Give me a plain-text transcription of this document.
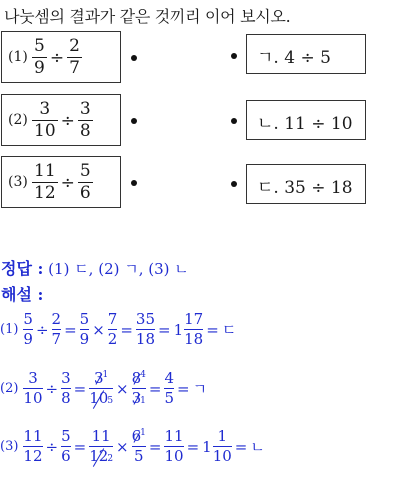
나눗셈의 결과가 같은 것끼리 이어 보시오.
$(1) \frac{5}{9} \div \frac{2}{7}$
$(2) \frac{3}{10} \div \frac{3}{8}$
$(3) \frac{11}{12} \div \frac{5}{6}$
ㄱ. 4 ÷ 5
ㄴ. 11 ÷ 10
ㄷ. 35 ÷ 18
정답 : (1) ㄷ, (2) ㄱ, (3) ㄴ
해설 :
(1)
5
9
÷
2
7
=
5
9
×
7
2
=
35
18
= 1
17
18
= ㄷ
(2)
3
10
÷
3
8
=
$3^1$
105
×
$8^4$
31
=
4
5
= ㄱ
(3)
11
12
÷
5
6
=
11
122
×
$6^1$
5
=
11
10
= 1
1
10
= ㄴ
